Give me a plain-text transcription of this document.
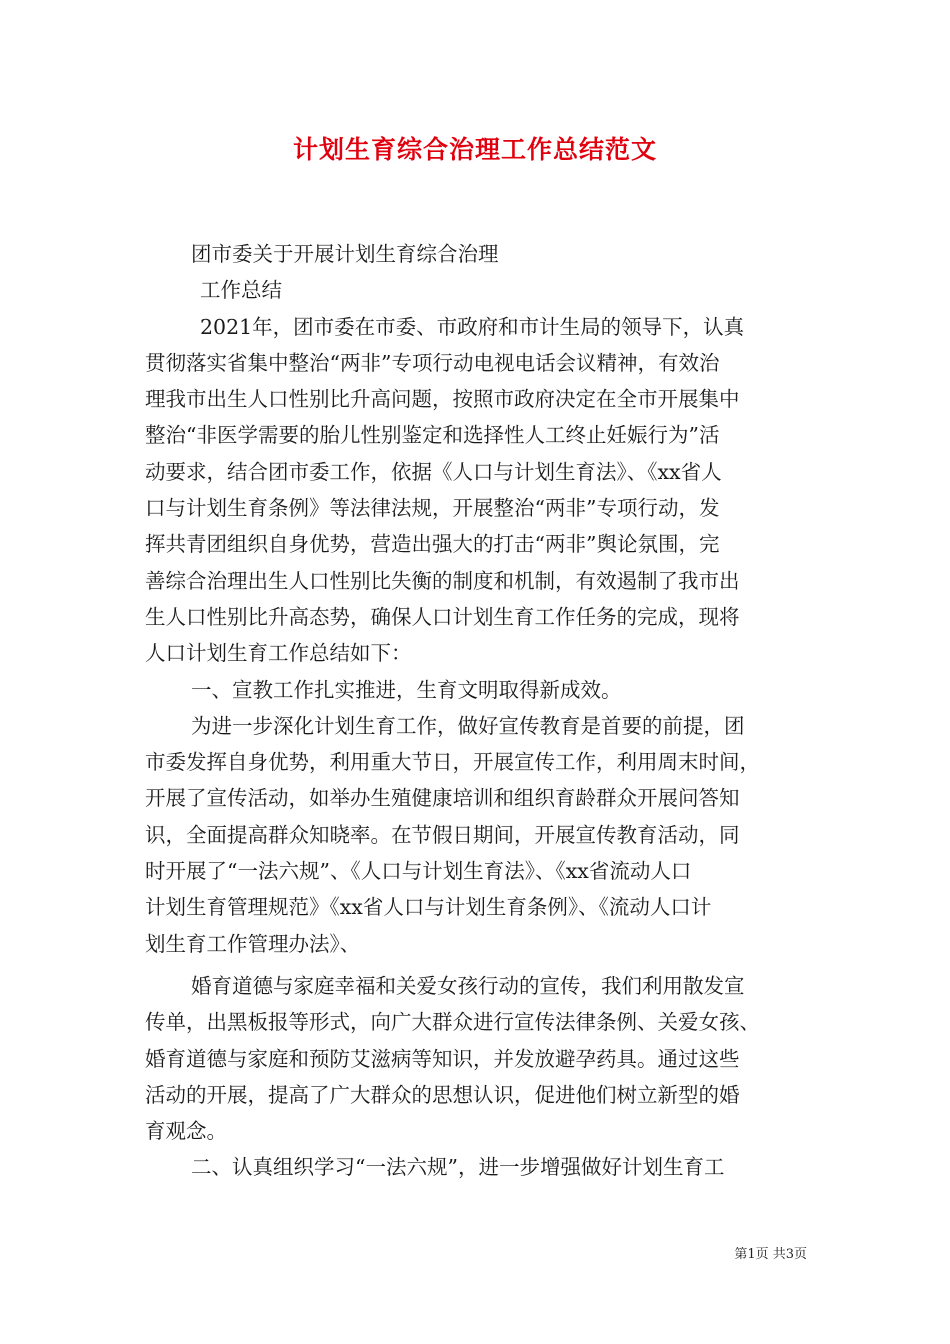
计划生育综合治理工作总结范文
团市委关于开展计划生育综合治理
工作总结
2021年，团市委在市委、市政府和市计生局的领导下，认真
贯彻落实省集中整治“两非”专项行动电视电话会议精神，有效治
理我市出生人口性别比升高问题，按照市政府决定在全市开展集中
整治“非医学需要的胎儿性别鉴定和选择性人工终止妊娠行为”活
动要求，结合团市委工作，依据《人口与计划生育法》、《xx省人
口与计划生育条例》等法律法规，开展整治“两非”专项行动，发
挥共青团组织自身优势，营造出强大的打击“两非”舆论氛围，完
善综合治理出生人口性别比失衡的制度和机制，有效遏制了我市出
生人口性别比升高态势，确保人口计划生育工作任务的完成，现将
人口计划生育工作总结如下：
一、宣教工作扎实推进，生育文明取得新成效。
为进一步深化计划生育工作，做好宣传教育是首要的前提，团
市委发挥自身优势，利用重大节日，开展宣传工作，利用周末时间，
开展了宣传活动，如举办生殖健康培训和组织育龄群众开展问答知
识，全面提高群众知晓率。在节假日期间，开展宣传教育活动，同
时开展了“一法六规”、《人口与计划生育法》、《xx省流动人口
计划生育管理规范》《xx省人口与计划生育条例》、《流动人口计
划生育工作管理办法》、
婚育道德与家庭幸福和关爱女孩行动的宣传，我们利用散发宣
传单，出黑板报等形式，向广大群众进行宣传法律条例、关爱女孩、
婚育道德与家庭和预防艾滋病等知识，并发放避孕药具。通过这些
活动的开展，提高了广大群众的思想认识，促进他们树立新型的婚
育观念。
二、认真组织学习“一法六规”，进一步增强做好计划生育工
第1页 共3页
